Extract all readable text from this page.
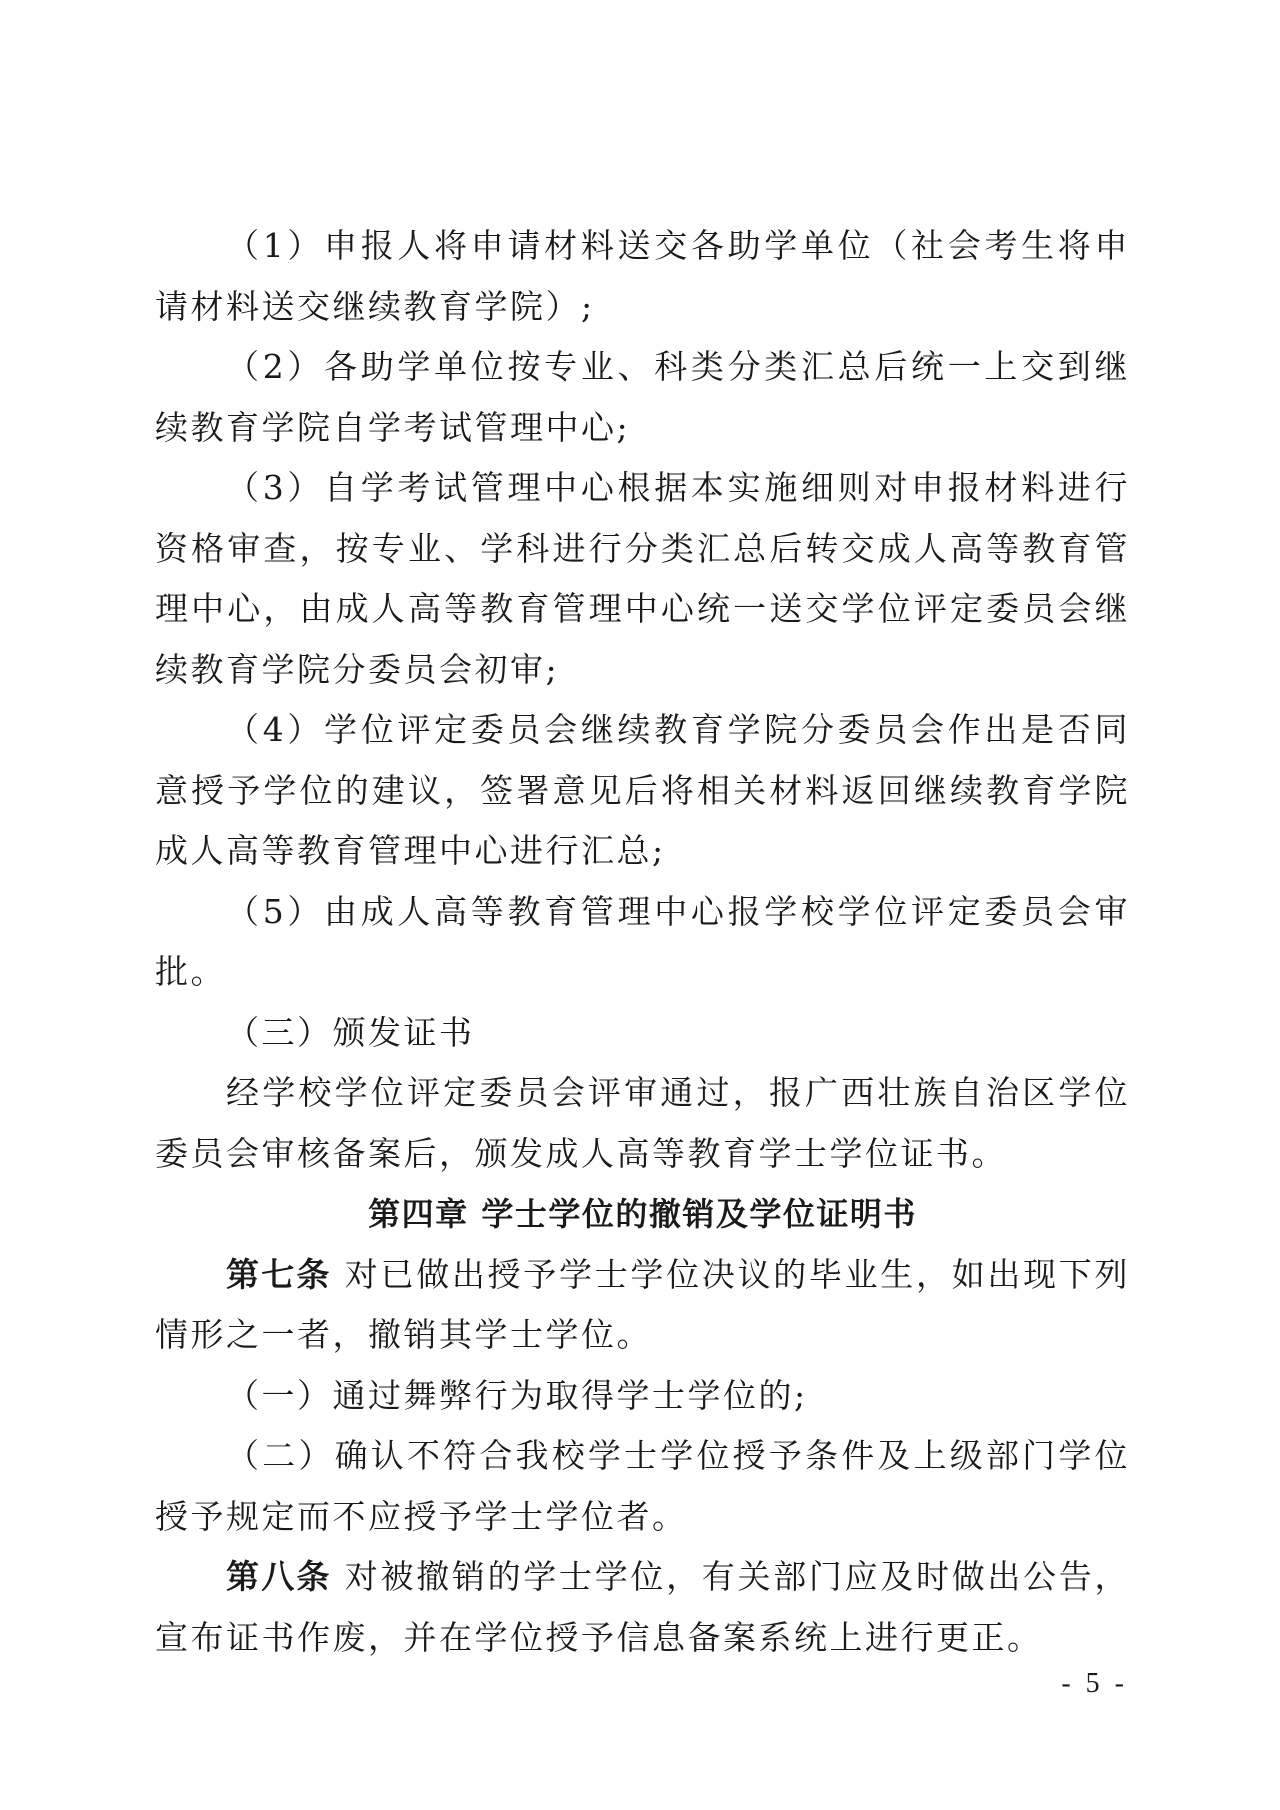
（1）申报人将申请材料送交各助学单位（社会考生将申请材料送交继续教育学院）;

（2）各助学单位按专业、科类分类汇总后统一上交到继续教育学院自学考试管理中心;

（3）自学考试管理中心根据本实施细则对申报材料进行资格审查，按专业、学科进行分类汇总后转交成人高等教育管理中心，由成人高等教育管理中心统一送交学位评定委员会继续教育学院分委员会初审;

（4）学位评定委员会继续教育学院分委员会作出是否同意授予学位的建议，签署意见后将相关材料返回继续教育学院成人高等教育管理中心进行汇总;

（5）由成人高等教育管理中心报学校学位评定委员会审批。

（三）颁发证书

经学校学位评定委员会评审通过，报广西壮族自治区学位委员会审核备案后，颁发成人高等教育学士学位证书。

第四章 学士学位的撤销及学位证明书

第七条 对已做出授予学士学位决议的毕业生，如出现下列情形之一者，撤销其学士学位。

（一）通过舞弊行为取得学士学位的;

（二）确认不符合我校学士学位授予条件及上级部门学位授予规定而不应授予学士学位者。

第八条 对被撤销的学士学位，有关部门应及时做出公告，宣布证书作废，并在学位授予信息备案系统上进行更正。

- 5 -
